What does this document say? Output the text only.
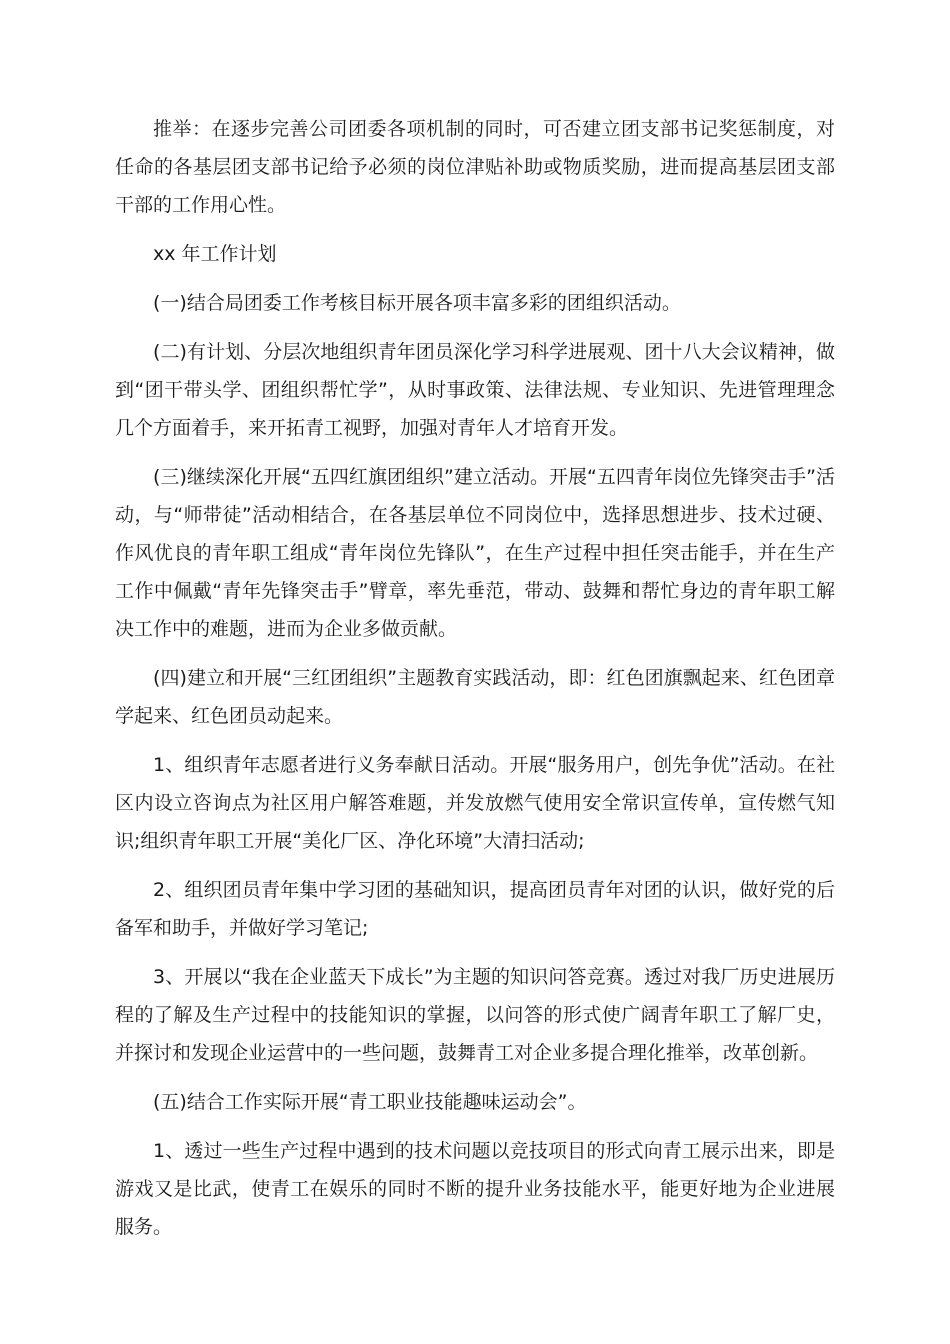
推举：在逐步完善公司团委各项机制的同时，可否建立团支部书记奖惩制度，对任命的各基层团支部书记给予必须的岗位津贴补助或物质奖励，进而提高基层团支部干部的工作用心性。

xx 年工作计划

(一)结合局团委工作考核目标开展各项丰富多彩的团组织活动。

(二)有计划、分层次地组织青年团员深化学习科学进展观、团十八大会议精神，做到“团干带头学、团组织帮忙学”，从时事政策、法律法规、专业知识、先进管理理念几个方面着手，来开拓青工视野，加强对青年人才培育开发。

(三)继续深化开展“五四红旗团组织”建立活动。开展“五四青年岗位先锋突击手”活动，与“师带徒”活动相结合，在各基层单位不同岗位中，选择思想进步、技术过硬、作风优良的青年职工组成“青年岗位先锋队”，在生产过程中担任突击能手，并在生产工作中佩戴“青年先锋突击手”臂章，率先垂范，带动、鼓舞和帮忙身边的青年职工解决工作中的难题，进而为企业多做贡献。

(四)建立和开展“三红团组织”主题教育实践活动，即：红色团旗飘起来、红色团章学起来、红色团员动起来。

1、组织青年志愿者进行义务奉献日活动。开展“服务用户，创先争优”活动。在社区内设立咨询点为社区用户解答难题，并发放燃气使用安全常识宣传单，宣传燃气知识;组织青年职工开展“美化厂区、净化环境”大清扫活动;

2、组织团员青年集中学习团的基础知识，提高团员青年对团的认识，做好党的后备军和助手，并做好学习笔记;

3、开展以“我在企业蓝天下成长”为主题的知识问答竞赛。透过对我厂历史进展历程的了解及生产过程中的技能知识的掌握，以问答的形式使广阔青年职工了解厂史，并探讨和发现企业运营中的一些问题，鼓舞青工对企业多提合理化推举，改革创新。

(五)结合工作实际开展“青工职业技能趣味运动会”。

1、透过一些生产过程中遇到的技术问题以竞技项目的形式向青工展示出来，即是游戏又是比武，使青工在娱乐的同时不断的提升业务技能水平，能更好地为企业进展服务。
